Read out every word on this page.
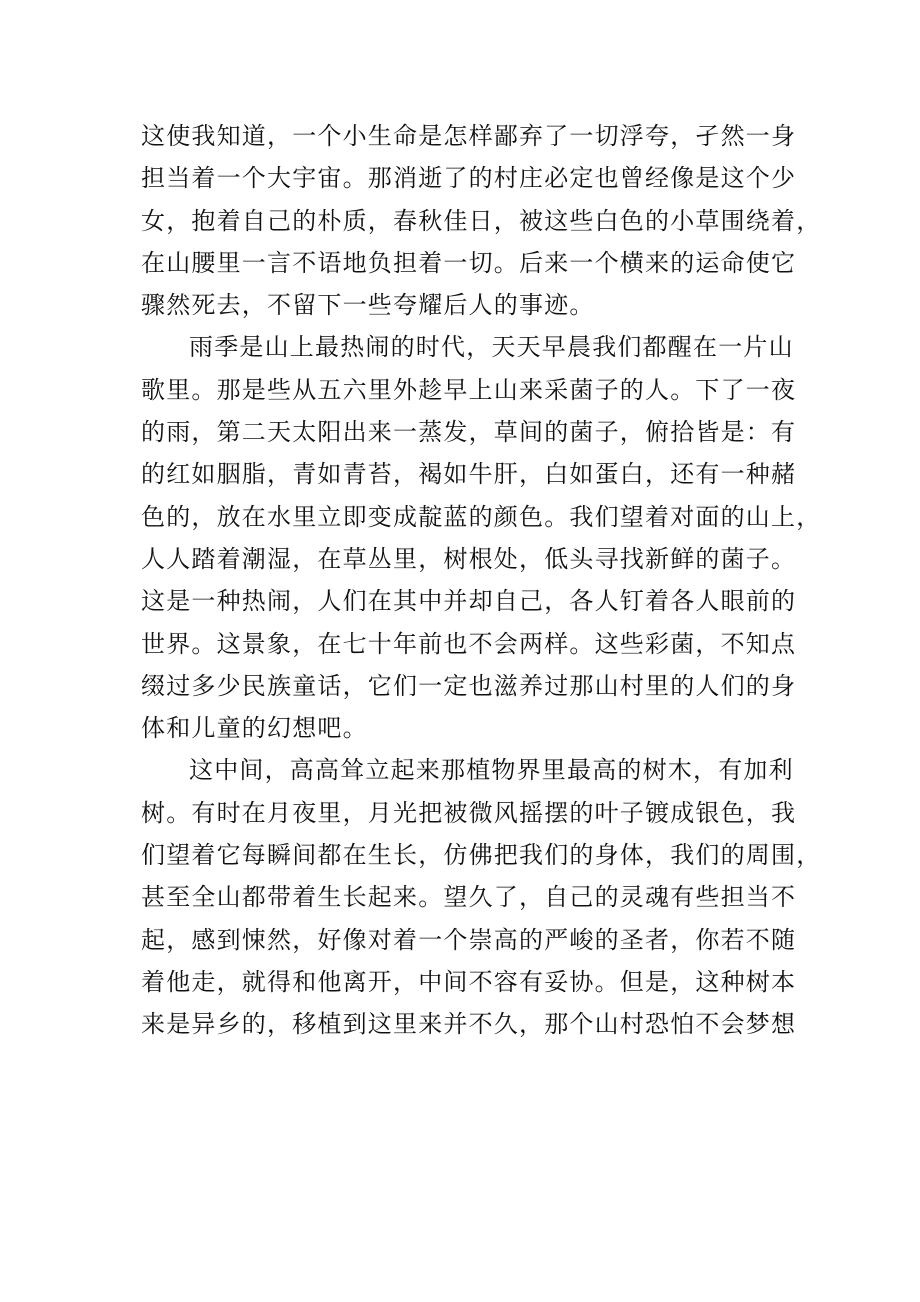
这使我知道，一个小生命是怎样鄙弃了一切浮夸，孑然一身
担当着一个大宇宙。那消逝了的村庄必定也曾经像是这个少
女，抱着自己的朴质，春秋佳日，被这些白色的小草围绕着，
在山腰里一言不语地负担着一切。后来一个横来的运命使它
骤然死去，不留下一些夸耀后人的事迹。
雨季是山上最热闹的时代，天天早晨我们都醒在一片山
歌里。那是些从五六里外趁早上山来采菌子的人。下了一夜
的雨，第二天太阳出来一蒸发，草间的菌子，俯拾皆是：有
的红如胭脂，青如青苔，褐如牛肝，白如蛋白，还有一种赭
色的，放在水里立即变成靛蓝的颜色。我们望着对面的山上，
人人踏着潮湿，在草丛里，树根处，低头寻找新鲜的菌子。
这是一种热闹，人们在其中并却自己，各人钉着各人眼前的
世界。这景象，在七十年前也不会两样。这些彩菌，不知点
缀过多少民族童话，它们一定也滋养过那山村里的人们的身
体和儿童的幻想吧。
这中间，高高耸立起来那植物界里最高的树木，有加利
树。有时在月夜里，月光把被微风摇摆的叶子镀成银色，我
们望着它每瞬间都在生长，仿佛把我们的身体，我们的周围，
甚至全山都带着生长起来。望久了，自己的灵魂有些担当不
起，感到悚然，好像对着一个崇高的严峻的圣者，你若不随
着他走，就得和他离开，中间不容有妥协。但是，这种树本
来是异乡的，移植到这里来并不久，那个山村恐怕不会梦想
